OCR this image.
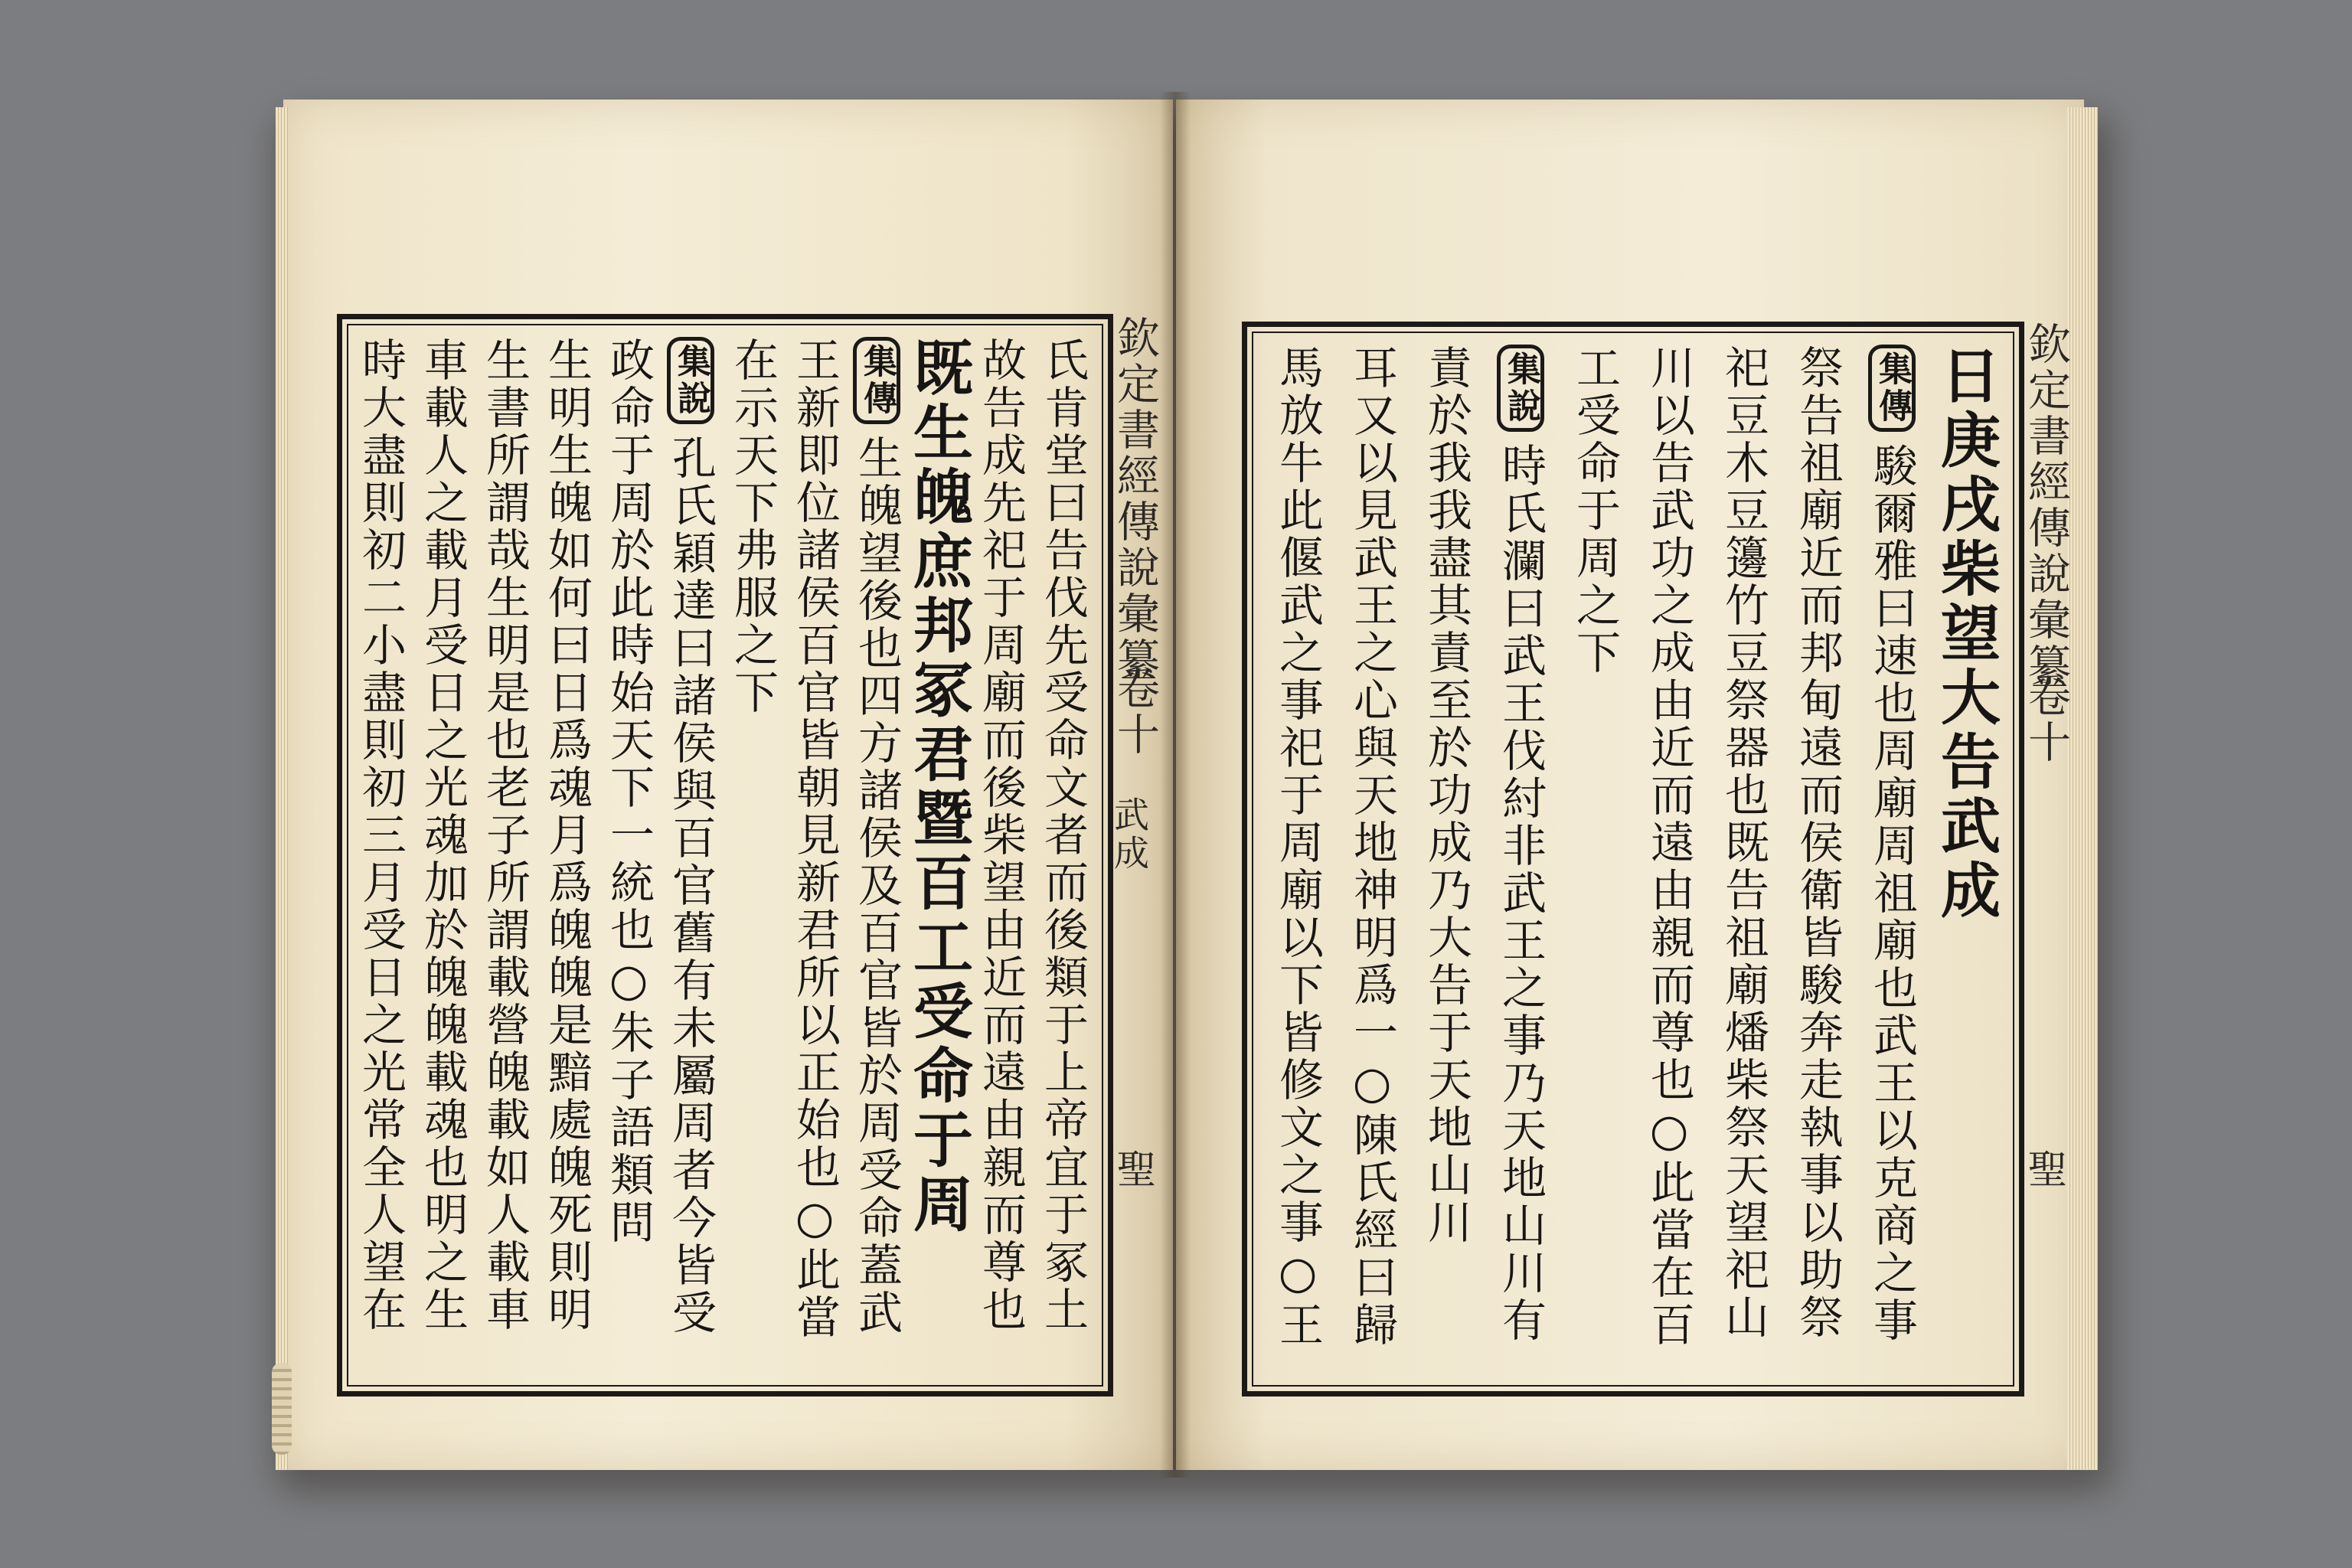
欽定書經傳說彙纂
卷十
武成
聖
氏肯堂曰告伐先受命文者而後類于上帝宜于冢土
故告成先祀于周廟而後柴望由近而遠由親而尊也
既生魄庶邦冢君暨百工受命于周
集傳生魄望後也四方諸侯及百官皆於周受命蓋武
王新即位諸侯百官皆朝見新君所以正始也○此當
在示天下弗服之下
集說孔氏穎達曰諸侯與百官舊有未屬周者今皆受
政命于周於此時始天下一統也○朱子語類問
生明生魄如何曰日爲魂月爲魄魄是黯處魄死則明
生書所謂哉生明是也老子所謂載營魄載如人載車
車載人之載月受日之光魂加於魄魄載魂也明之生
時大盡則初二小盡則初三月受日之光常全人望在	欽定書經傳說彙纂
卷十
聖
日庚戌柴望大告武成
集傳駿爾雅曰速也周廟周祖廟也武王以克商之事
祭告祖廟近而邦甸遠而侯衛皆駿奔走執事以助祭
祀豆木豆籩竹豆祭器也既告祖廟燔柴祭天望祀山
川以告武功之成由近而遠由親而尊也○此當在百
工受命于周之下
集說時氏瀾曰武王伐紂非武王之事乃天地山川有
責於我我盡其責至於功成乃大告于天地山川
耳又以見武王之心與天地神明爲一○陳氏經曰歸
馬放牛此偃武之事祀于周廟以下皆修文之事○王
